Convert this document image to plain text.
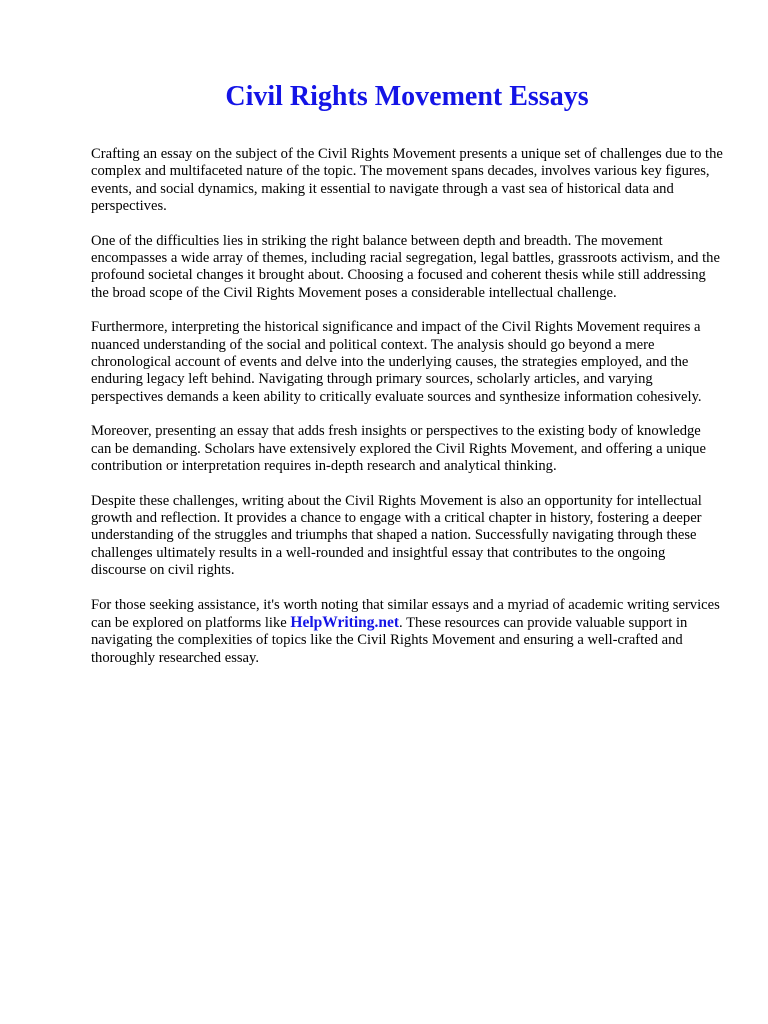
Civil Rights Movement Essays

Crafting an essay on the subject of the Civil Rights Movement presents a unique set of challenges due to the complex and multifaceted nature of the topic. The movement spans decades, involves various key figures, events, and social dynamics, making it essential to navigate through a vast sea of historical data and perspectives.

One of the difficulties lies in striking the right balance between depth and breadth. The movement encompasses a wide array of themes, including racial segregation, legal battles, grassroots activism, and the profound societal changes it brought about. Choosing a focused and coherent thesis while still addressing the broad scope of the Civil Rights Movement poses a considerable intellectual challenge.

Furthermore, interpreting the historical significance and impact of the Civil Rights Movement requires a nuanced understanding of the social and political context. The analysis should go beyond a mere chronological account of events and delve into the underlying causes, the strategies employed, and the enduring legacy left behind. Navigating through primary sources, scholarly articles, and varying perspectives demands a keen ability to critically evaluate sources and synthesize information cohesively.

Moreover, presenting an essay that adds fresh insights or perspectives to the existing body of knowledge can be demanding. Scholars have extensively explored the Civil Rights Movement, and offering a unique contribution or interpretation requires in-depth research and analytical thinking.

Despite these challenges, writing about the Civil Rights Movement is also an opportunity for intellectual growth and reflection. It provides a chance to engage with a critical chapter in history, fostering a deeper understanding of the struggles and triumphs that shaped a nation. Successfully navigating through these challenges ultimately results in a well-rounded and insightful essay that contributes to the ongoing discourse on civil rights.

For those seeking assistance, it's worth noting that similar essays and a myriad of academic writing services can be explored on platforms like HelpWriting.net. These resources can provide valuable support in navigating the complexities of topics like the Civil Rights Movement and ensuring a well-crafted and thoroughly researched essay.
